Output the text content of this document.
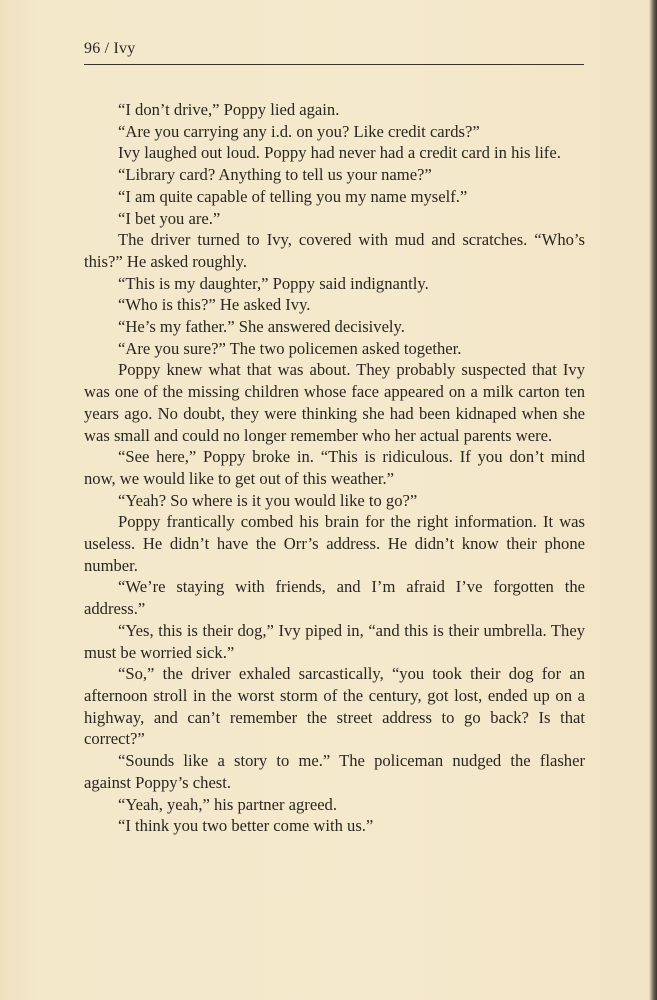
96 / Ivy

“I don’t drive,” Poppy lied again.

“Are you carrying any i.d. on you? Like credit cards?”

Ivy laughed out loud. Poppy had never had a credit card in his life.

“Library card? Anything to tell us your name?”

“I am quite capable of telling you my name myself.”

“I bet you are.”

The driver turned to Ivy, covered with mud and scratches. “Who’s this?” He asked roughly.

“This is my daughter,” Poppy said indignantly.

“Who is this?” He asked Ivy.

“He’s my father.” She answered decisively.

“Are you sure?” The two policemen asked together.

Poppy knew what that was about. They probably suspected that Ivy was one of the missing children whose face appeared on a milk carton ten years ago. No doubt, they were thinking she had been kidnaped when she was small and could no longer remember who her actual parents were.

“See here,” Poppy broke in. “This is ridiculous. If you don’t mind now, we would like to get out of this weather.”

“Yeah? So where is it you would like to go?”

Poppy frantically combed his brain for the right information. It was useless. He didn’t have the Orr’s address. He didn’t know their phone number.

“We’re staying with friends, and I’m afraid I’ve forgotten the address.”

“Yes, this is their dog,” Ivy piped in, “and this is their umbrella. They must be worried sick.”

“So,” the driver exhaled sarcastically, “you took their dog for an afternoon stroll in the worst storm of the century, got lost, ended up on a highway, and can’t remember the street address to go back? Is that correct?”

“Sounds like a story to me.” The policeman nudged the flasher against Poppy’s chest.

“Yeah, yeah,” his partner agreed.

“I think you two better come with us.”
